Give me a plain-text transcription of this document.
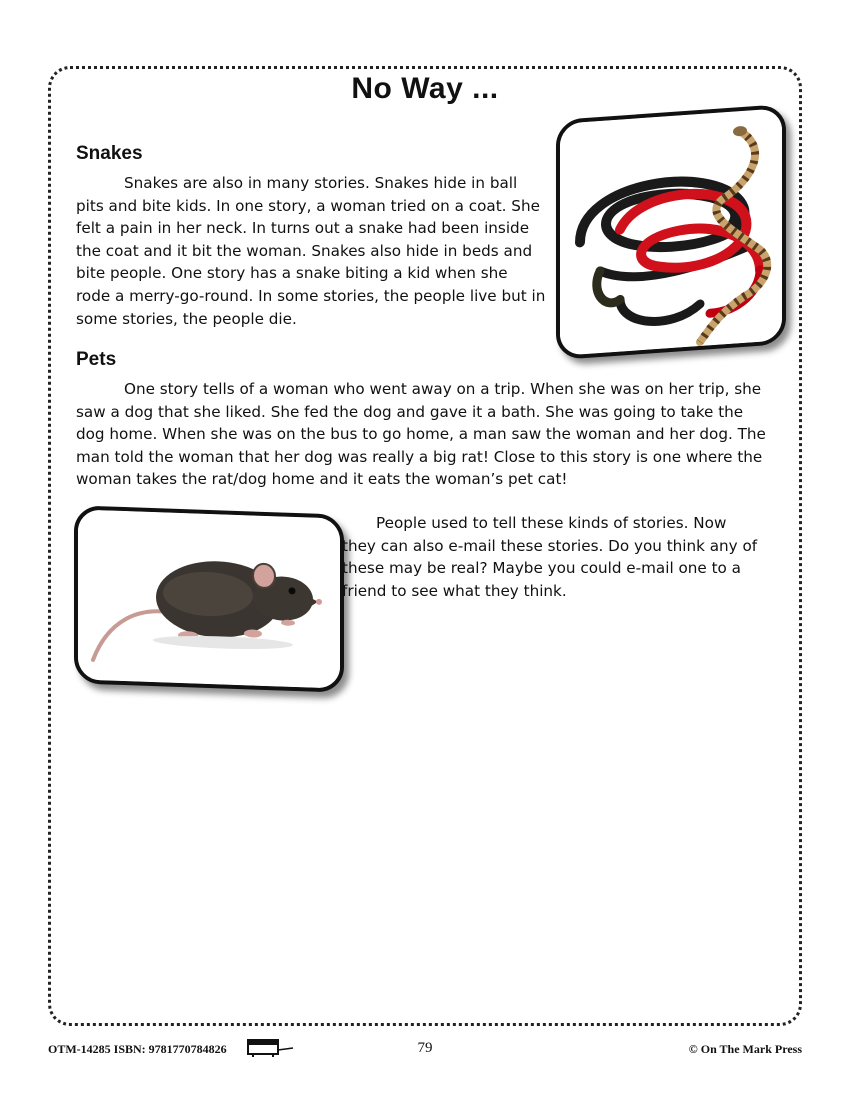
No Way ...
Snakes

Snakes are also in many stories. Snakes hide in ball pits and bite kids. In one story, a woman tried on a coat. She felt a pain in her neck. In turns out a snake had been inside the coat and it bit the woman. Snakes also hide in beds and bite people. One story has a snake biting a kid when she rode a merry-go-round. In some stories, the people live but in some stories, the people die.

Pets

One story tells of a woman who went away on a trip. When she was on her trip, she saw a dog that she liked. She fed the dog and gave it a bath. She was going to take the dog home. When she was on the bus to go home, a man saw the woman and her dog. The man told the woman that her dog was really a big rat! Close to this story is one where the woman takes the rat/dog home and it eats the woman’s pet cat!

People used to tell these kinds of stories. Now they can also e-mail these stories. Do you think any of these may be real? Maybe you could e-mail one to a friend to see what they think.

OTM-14285 ISBN: 9781770784826	79	© On The Mark Press
